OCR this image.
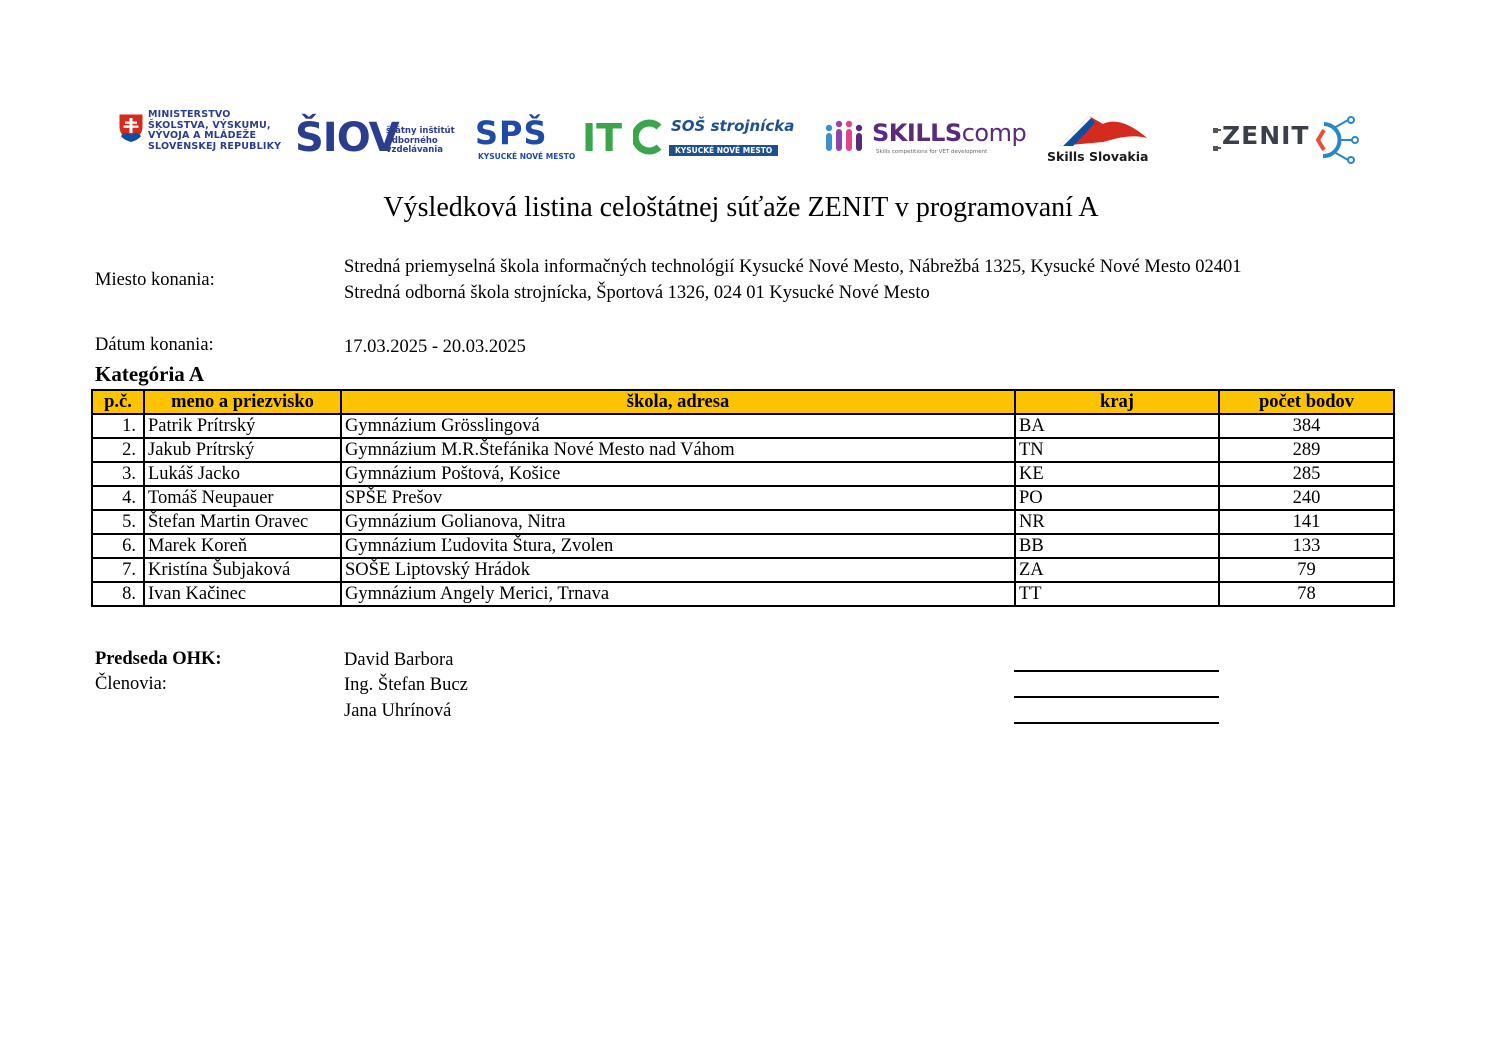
MINISTERSTVO
ŠKOLSTVA, VÝSKUMU,
VÝVOJA A MLÁDEŽE
SLOVENSKEJ REPUBLIKY ŠIOV
štátny inštitút
odborného
vzdelávania	SPŠ IT
KYSUCKÉ NOVÉ MESTO
SOŠ strojnícka
KYSUCKÉ NOVÉ MESTO
SKILLScomp
Skills competitions for VET development	Skills Slovakia
ZENIT
Výsledková listina celoštátnej súťaže ZENIT v programovaní A
Miesto konania:
Stredná priemyselná škola informačných technológií Kysucké Nové Mesto, Nábrežbá 1325, Kysucké Nové Mesto 02401
Stredná odborná škola strojnícka, Športová 1326, 024 01 Kysucké Nové Mesto
Dátum konania:	17.03.2025 - 20.03.2025
Kategória A
p.č.	meno a priezvisko	škola, adresa	kraj	počet bodov
1.	Patrik Prítrský	Gymnázium Grösslingová	BA	384
2.	Jakub Prítrský	Gymnázium M.R.Štefánika Nové Mesto nad Váhom	TN	289
3.	Lukáš Jacko	Gymnázium Poštová, Košice	KE	285
4.	Tomáš Neupauer	SPŠE Prešov	PO	240
5.	Štefan Martin Oravec	Gymnázium Golianova, Nitra	NR	141
6.	Marek Koreň	Gymnázium Ľudovita Štura, Zvolen	BB	133
7.	Kristína Šubjaková	SOŠE Liptovský Hrádok	ZA	79
8.	Ivan Kačinec	Gymnázium Angely Merici, Trnava	TT	78
Predseda OHK:
Členovia:
David Barbora
Ing. Štefan Bucz
Jana Uhrínová
